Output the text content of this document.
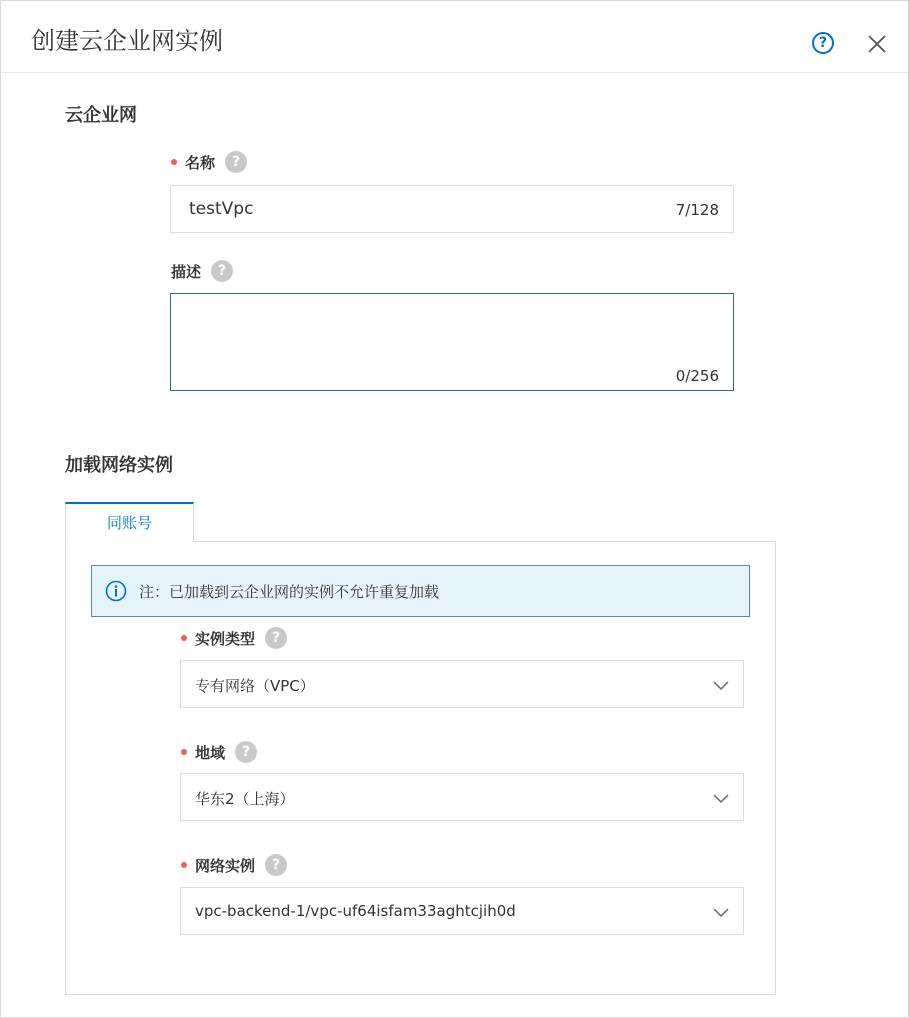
创建云企业网实例	?
云企业网
名称	?
testVpc	7/128
描述	?
0/256
加载网络实例
同账号
注：已加载到云企业网的实例不允许重复加载
实例类型	?
专有网络（VPC）
地域	?
华东2（上海）
网络实例	?
vpc-backend-1/vpc-uf64isfam33aghtcjih0d
